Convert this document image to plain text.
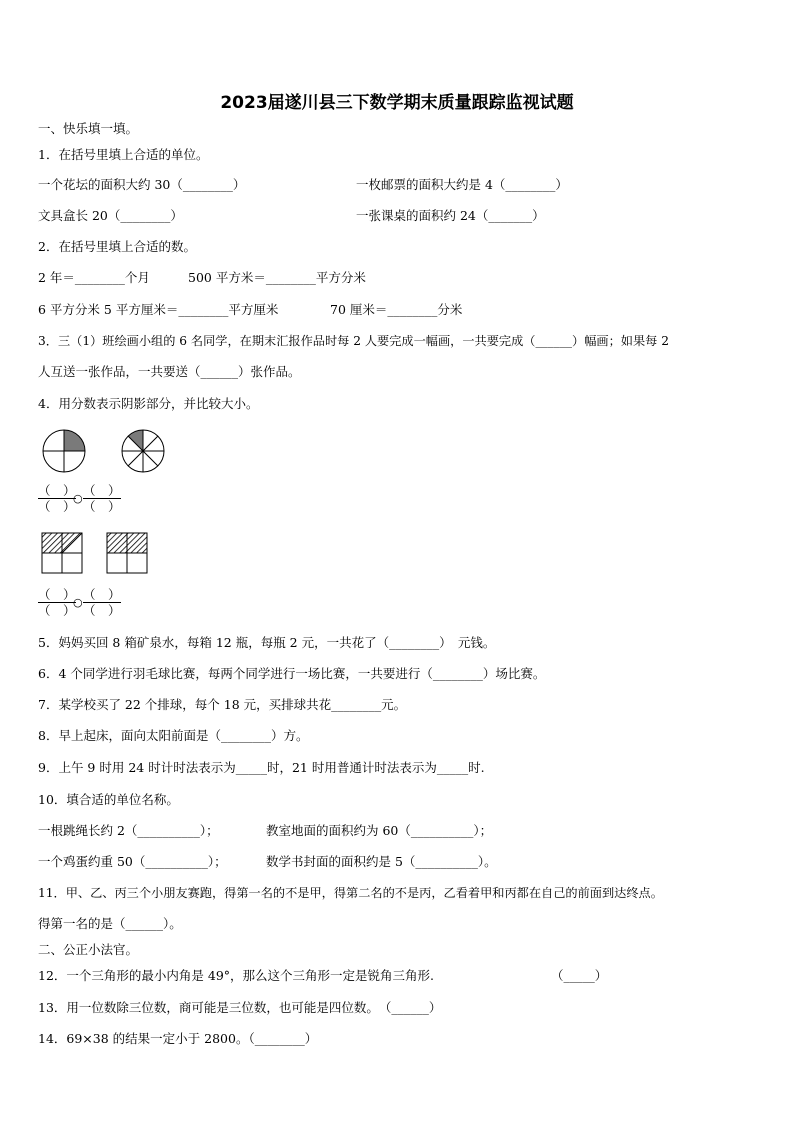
2023届遂川县三下数学期末质量跟踪监视试题
一、快乐填一填。
1．在括号里填上合适的单位。
一个花坛的面积大约 30（________）	一枚邮票的面积大约是 4（________）
文具盒长 20（________）	一张课桌的面积约 24（_______）
2．在括号里填上合适的数。
2 年＝________个月	500 平方米＝________平方分米
6 平方分米 5 平方厘米＝________平方厘米	70 厘米＝________分米
3．三（1）班绘画小组的 6 名同学，在期末汇报作品时每 2 人要完成一幅画，一共要完成（______）幅画；如果每 2
人互送一张作品，一共要送（______）张作品。
4．用分数表示阴影部分，并比较大小。
（　）
（　）
○
（　）
（　）
（　）
（　）
○
（　）
（　）
5．妈妈买回 8 箱矿泉水，每箱 12 瓶，每瓶 2 元，一共花了（________）　元钱。
6．4 个同学进行羽毛球比赛，每两个同学进行一场比赛，一共要进行（________）场比赛。
7．某学校买了 22 个排球，每个 18 元，买排球共花________元。
8．早上起床，面向太阳前面是（________）方。
9．上午 9 时用 24 时计时法表示为_____时，21 时用普通计时法表示为_____时.
10．填合适的单位名称。
一根跳绳长约 2（__________）；	教室地面的面积约为 60（__________）；
一个鸡蛋约重 50（__________）；	数学书封面的面积约是 5（__________）。
11．甲、乙、丙三个小朋友赛跑，得第一名的不是甲，得第二名的不是丙，乙看着甲和丙都在自己的前面到达终点。
得第一名的是（______）。
二、公正小法官。
12．一个三角形的最小内角是 49°，那么这个三角形一定是锐角三角形.	（_____）
13．用一位数除三位数，商可能是三位数，也可能是四位数。　（______）
14．69×38 的结果一定小于 2800。（________）
